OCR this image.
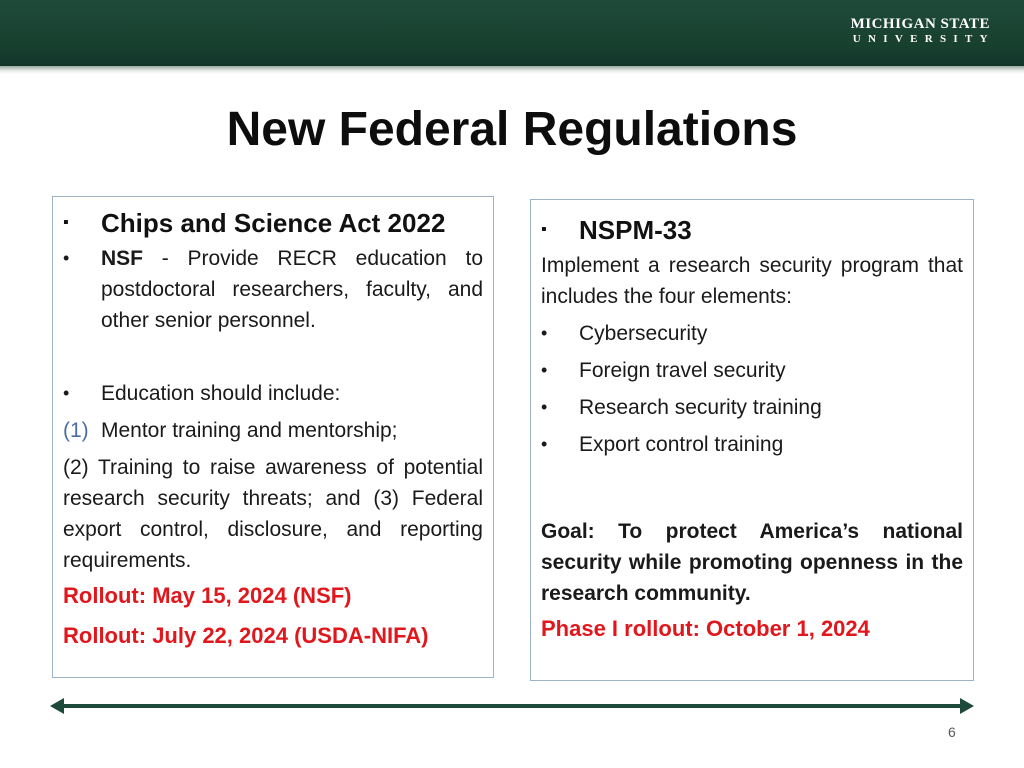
MICHIGAN STATE
UNIVERSITY
New Federal Regulations
▪ Chips and Science Act 2022
• NSF - Provide RECR education to postdoctoral researchers, faculty, and other senior personnel.
• Education should include:
(1) Mentor training and mentorship;
(2) Training to raise awareness of potential research security threats; and (3) Federal export control, disclosure, and reporting requirements.
Rollout: May 15, 2024 (NSF)
Rollout: July 22, 2024 (USDA-NIFA)
▪ NSPM-33
Implement a research security program that includes the four elements:
• Cybersecurity
• Foreign travel security
• Research security training
• Export control training
Goal: To protect America’s national security while promoting openness in the research community.
Phase I rollout: October 1, 2024
6
